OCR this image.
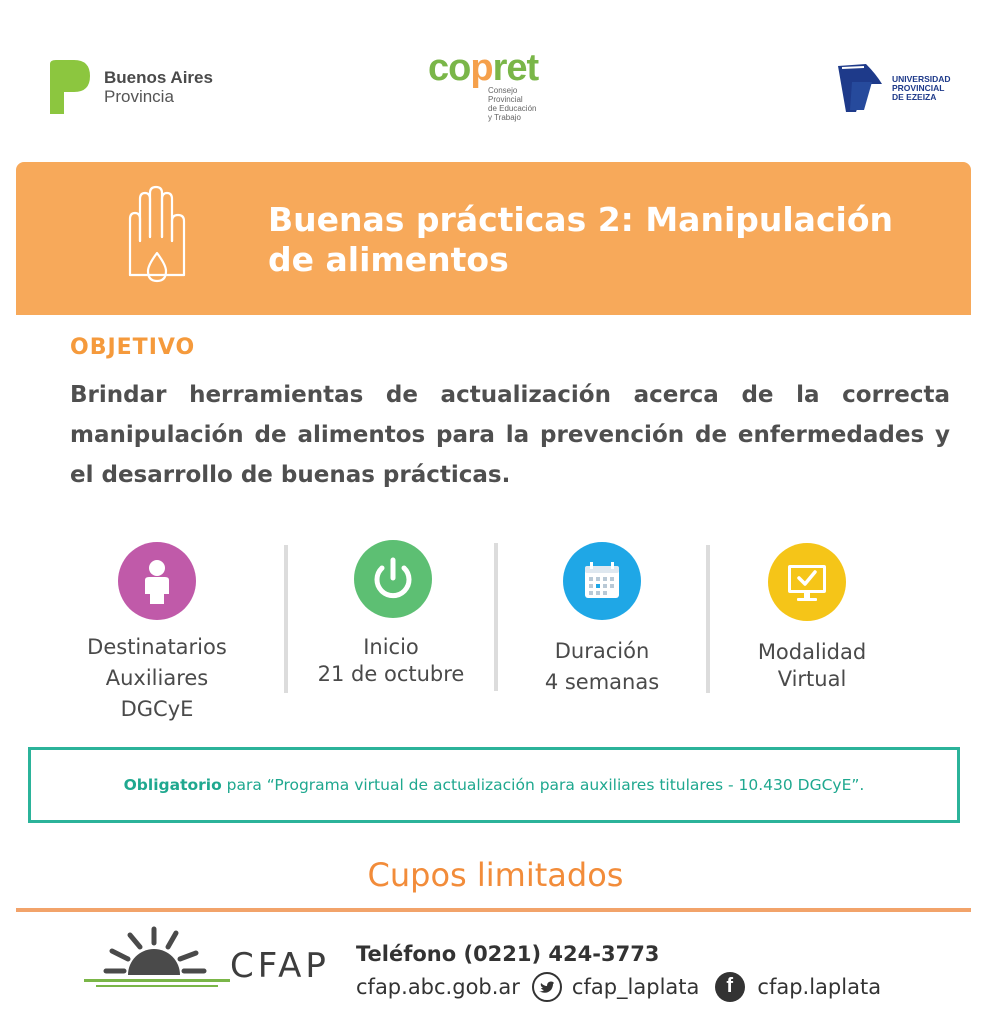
Buenos Aires
Provincia
copret
Consejo Provincial
de Educación y Trabajo
UNIVERSIDAD
PROVINCIAL
DE EZEIZA
Buenas prácticas 2: Manipulación
de alimentos
OBJETIVO
Brindar herramientas de actualización acerca de la correcta manipulación de alimentos para la prevención de enfermedades y el desarrollo de buenas prácticas.
Destinatarios
Auxiliares
DGCyE
Inicio
21 de octubre
Duración
4 semanas
Modalidad
Virtual
Obligatorio para “Programa virtual de actualización para auxiliares titulares - 10.430 DGCyE”.
Cupos limitados
CFAP Teléfono (0221) 424-3773
cfap.abc.gob.ar cfap_laplata f cfap.laplata
